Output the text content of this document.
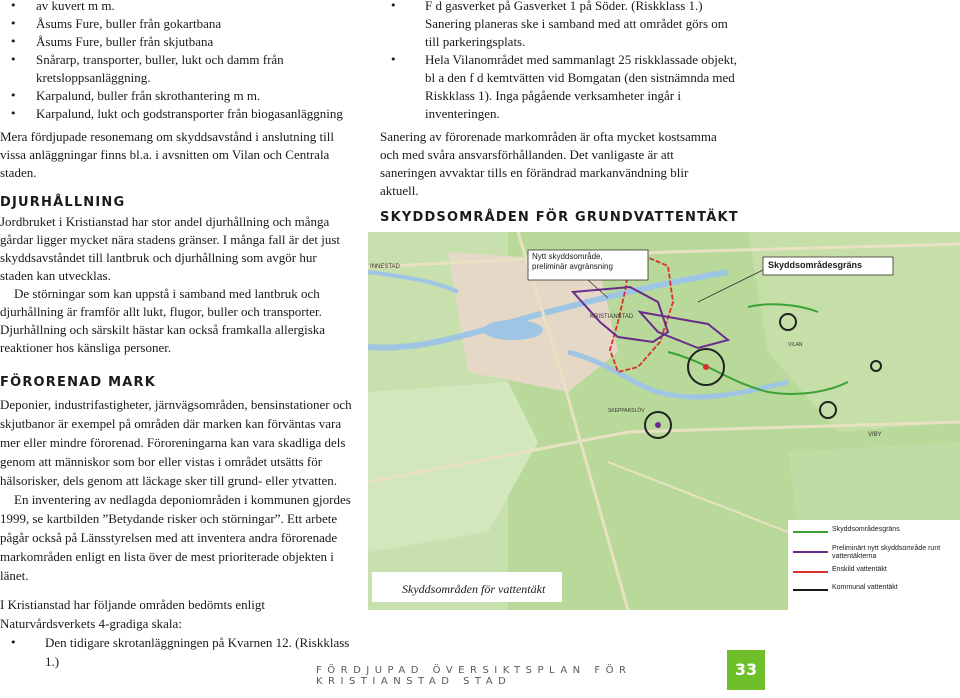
• av kuvert m m.
• Åsums Fure, buller från gokartbana
• Åsums Fure, buller från skjutbana
• Snårarp, transporter, buller, lukt och damm från kretsloppsanläggning.
• Karpalund, buller från skrothantering m m.
• Karpalund, lukt och godstransporter från biogasanläggning

Mera fördjupade resonemang om skyddsavstånd i anslutning till vissa anläggningar finns bl.a. i avsnitten om Vilan och Centrala staden.

DJURHÅLLNING

Jordbruket i Kristianstad har stor andel djurhållning och många gårdar ligger mycket nära stadens gränser. I många fall är det just skyddsavståndet till lantbruk och djurhållning som avgör hur staden kan utvecklas.

De störningar som kan uppstå i samband med lantbruk och djurhållning är framför allt lukt, flugor, buller och transporter. Djurhållning och särskilt hästar kan också framkalla allergiska reaktioner hos känsliga personer.

FÖRORENAD MARK

Deponier, industrifastigheter, järnvägsområden, bensinstationer och skjutbanor är exempel på områden där marken kan förväntas vara mer eller mindre förorenad. Föroreningarna kan vara skadliga dels genom att människor som bor eller vistas i området utsätts för hälsorisker, dels genom att läckage sker till grund- eller ytvatten.

En inventering av nedlagda deponiområden i kommunen gjordes 1999, se kartbilden ”Betydande risker och störningar”. Ett arbete pågår också på Länsstyrelsen med att inventera andra förorenade markområden enligt en lista över de mest prioriterade objekten i länet.

I Kristianstad har följande områden bedömts enligt Naturvårdsverkets 4-gradiga skala:

• Den tidigare skrotanläggningen på Kvarnen 12. (Riskklass 1.)
• F d gasverket på Gasverket 1 på Söder. (Riskklass 1.) Sanering planeras ske i samband med att området görs om till parkeringsplats.
• Hela Vilanområdet med sammanlagt 25 riskklassade objekt, bl a den f d kemtvätten vid Bomgatan (den sistnämnda med Riskklass 1). Inga pågående verksamheter ingår i inventeringen.

Sanering av förorenade markområden är ofta mycket kostsamma och med svåra ansvarsförhållanden. Det vanligaste är att saneringen avvaktar tills en förändrad markanvändning blir aktuell.

SKYDDSOMRÅDEN FÖR GRUNDVATTENTÄKT
Nytt skyddsområde,
preliminär avgränsning	Skyddsområdesgräns
INNESTAD
KRISTIANSTAD
SKEPPARSLÖV
VILAN
VIBY
Skyddsområden för vattentäkt
Skyddsområdesgräns
Preliminärt nytt skyddsområde runt vattentäkterna
Enskild vattentäkt
Kommunal vattentäkt
FÖRDJUPAD ÖVERSIKTSPLAN FÖR KRISTIANSTAD STAD
33
